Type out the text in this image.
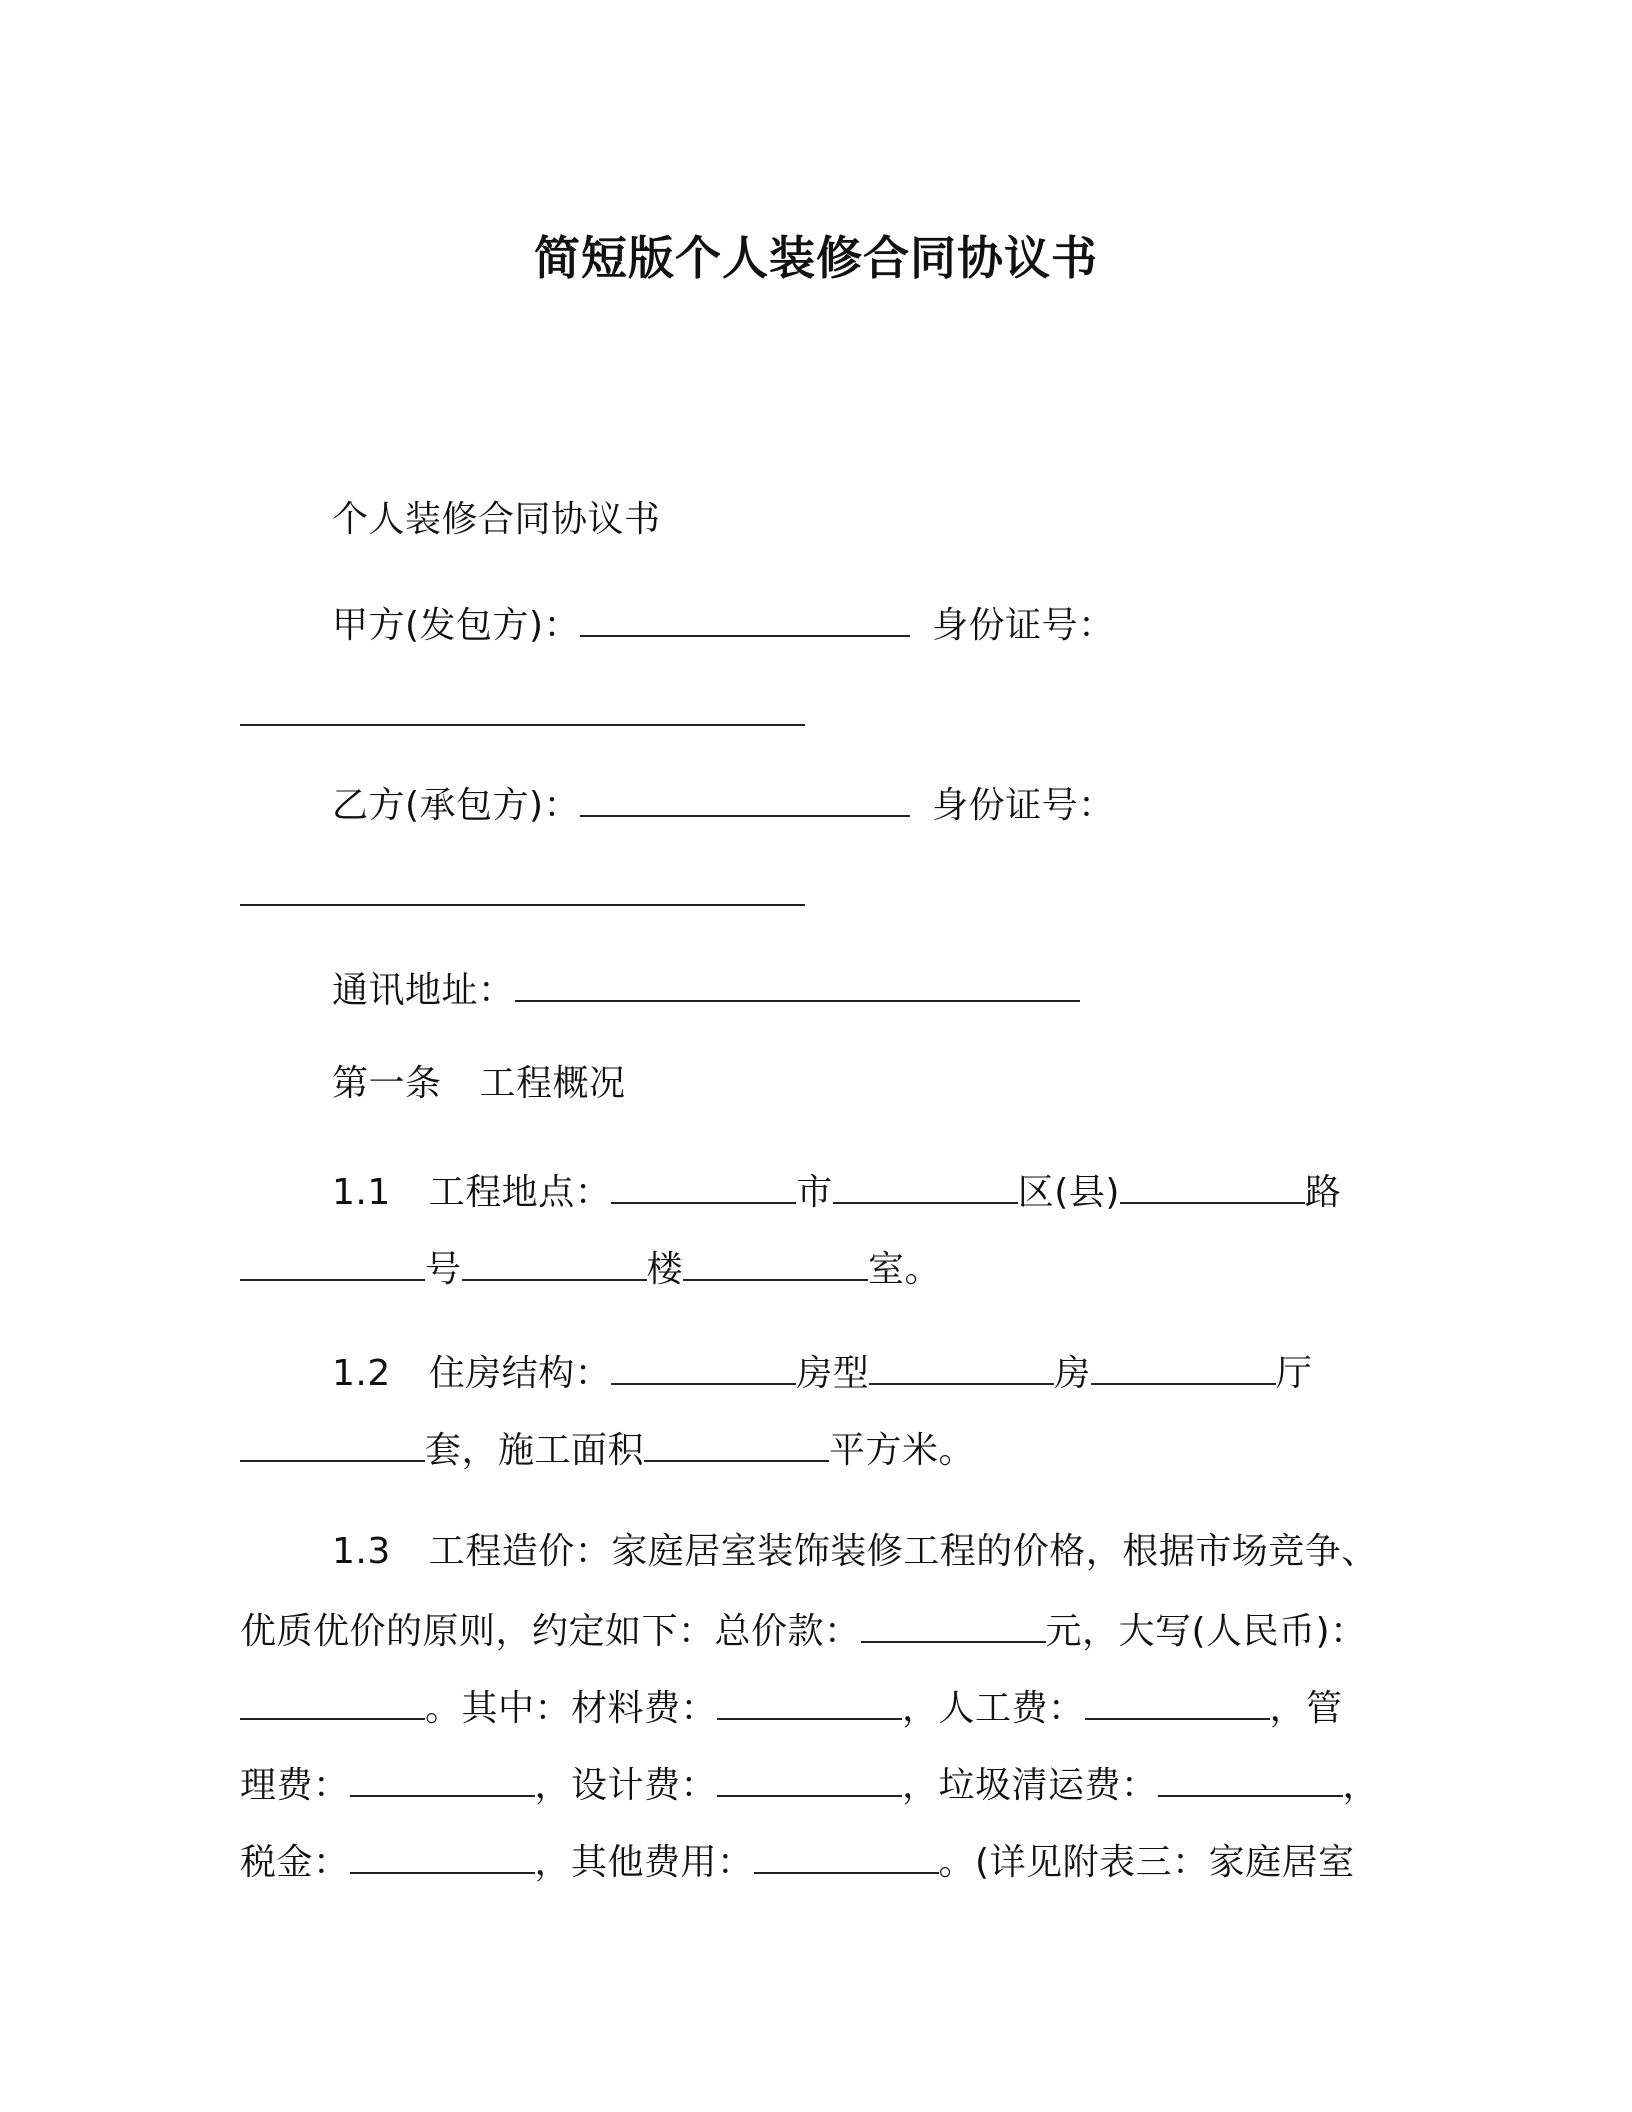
简短版个人装修合同协议书
个人装修合同协议书
甲方(发包方)：	身份证号：
乙方(承包方)：	身份证号：
通讯地址：
第一条 工程概况
1.1 工程地点：	市	区(县)	路
号	楼	室。
1.2 住房结构：	房型	房	厅
套，施工面积	平方米。
1.3 工程造价：家庭居室装饰装修工程的价格，根据市场竞争、
优质优价的原则，约定如下：总价款：	元，大写(人民币)：
。其中：材料费：	，人工费：	，管
理费：	，设计费：	，垃圾清运费：	，
税金：	，其他费用：	。(详见附表三：家庭居室
